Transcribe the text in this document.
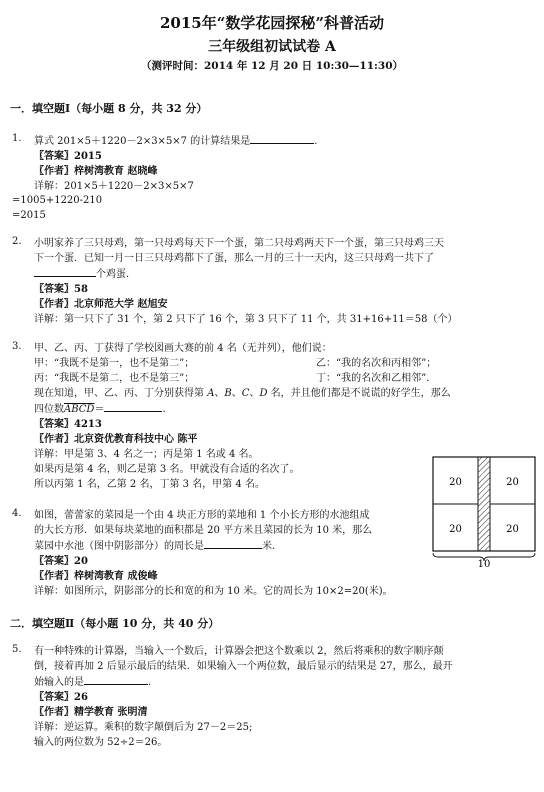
2015年“数学花园探秘”科普活动
三年级组初试试卷 A
（测评时间：2014 年 12 月 20 日 10:30—11:30）
一．填空题Ⅰ（每小题 8 分，共 32 分）
1. 算式 201×5＋1220－2×3×5×7 的计算结果是	.

〖答案〗2015

〖作者〗梓树湾教育 赵晓峰

详解：201×5＋1220－2×3×5×7

=1005+1220-210

=2015

2. 小明家养了三只母鸡，第一只母鸡每天下一个蛋，第二只母鸡两天下一个蛋，第三只母鸡三天

下一个蛋．已知一月一日三只母鸡都下了蛋，那么一月的三十一天内，这三只母鸡一共下了

个鸡蛋．

〖答案〗58

〖作者〗北京师范大学 赵旭安

详解：第一只下了 31 个，第 2 只下了 16 个，第 3 只下了 11 个，共 31+16+11＝58（个）

3. 甲、乙、丙、丁获得了学校図画大赛的前 4 名（无并列），他们说：

甲：“我既不是第一，也不是第二”；	乙：“我的名次和丙相邻”；

丙：“我既不是第二，也不是第三”；	丁：“我的名次和乙相邻”．

现在知道，甲、乙、丙、丁分别获得第 A、B、C、D 名，并且他们都是不说谎的好学生，那么

四位数ABCD＝	.

〖答案〗4213

〖作者〗北京资优教育科技中心 陈平

详解：甲是第 3、4 名之一；丙是第 1 名或 4 名。

如果丙是第 4 名，则乙是第 3 名。甲就没有合适的名次了。

所以丙第 1 名，乙第 2 名，丁第 3 名，甲第 4 名。

4. 如图，蕾蕾家的菜园是一个由 4 块正方形的菜地和 1 个小长方形的水池组成

的大长方形．如果每块菜地的面积都是 20 平方米且菜园的长为 10 米，那么

菜园中水池（图中阴影部分）的周长是	米.

〖答案〗20

〖作者〗梓树湾教育 成俊峰

详解：如图所示，阴影部分的长和宽的和为 10 米。它的周长为 10×2=20(米)。

20	20
20	20
10
二．填空题Ⅱ（每小题 10 分，共 40 分）
5. 有一种特殊的计算器，当输入一个数后，计算器会把这个数乘以 2，然后将乘积的数字顺序颠

倒，接着再加 2 后显示最后的结果．如果输入一个两位数，最后显示的结果是 27，那么，最开

始输入的是	.

〖答案〗26

〖作者〗精学教育 张明清

详解：逆运算。乘积的数字颠倒后为 27－2＝25;

输入的两位数为 52÷2＝26。
